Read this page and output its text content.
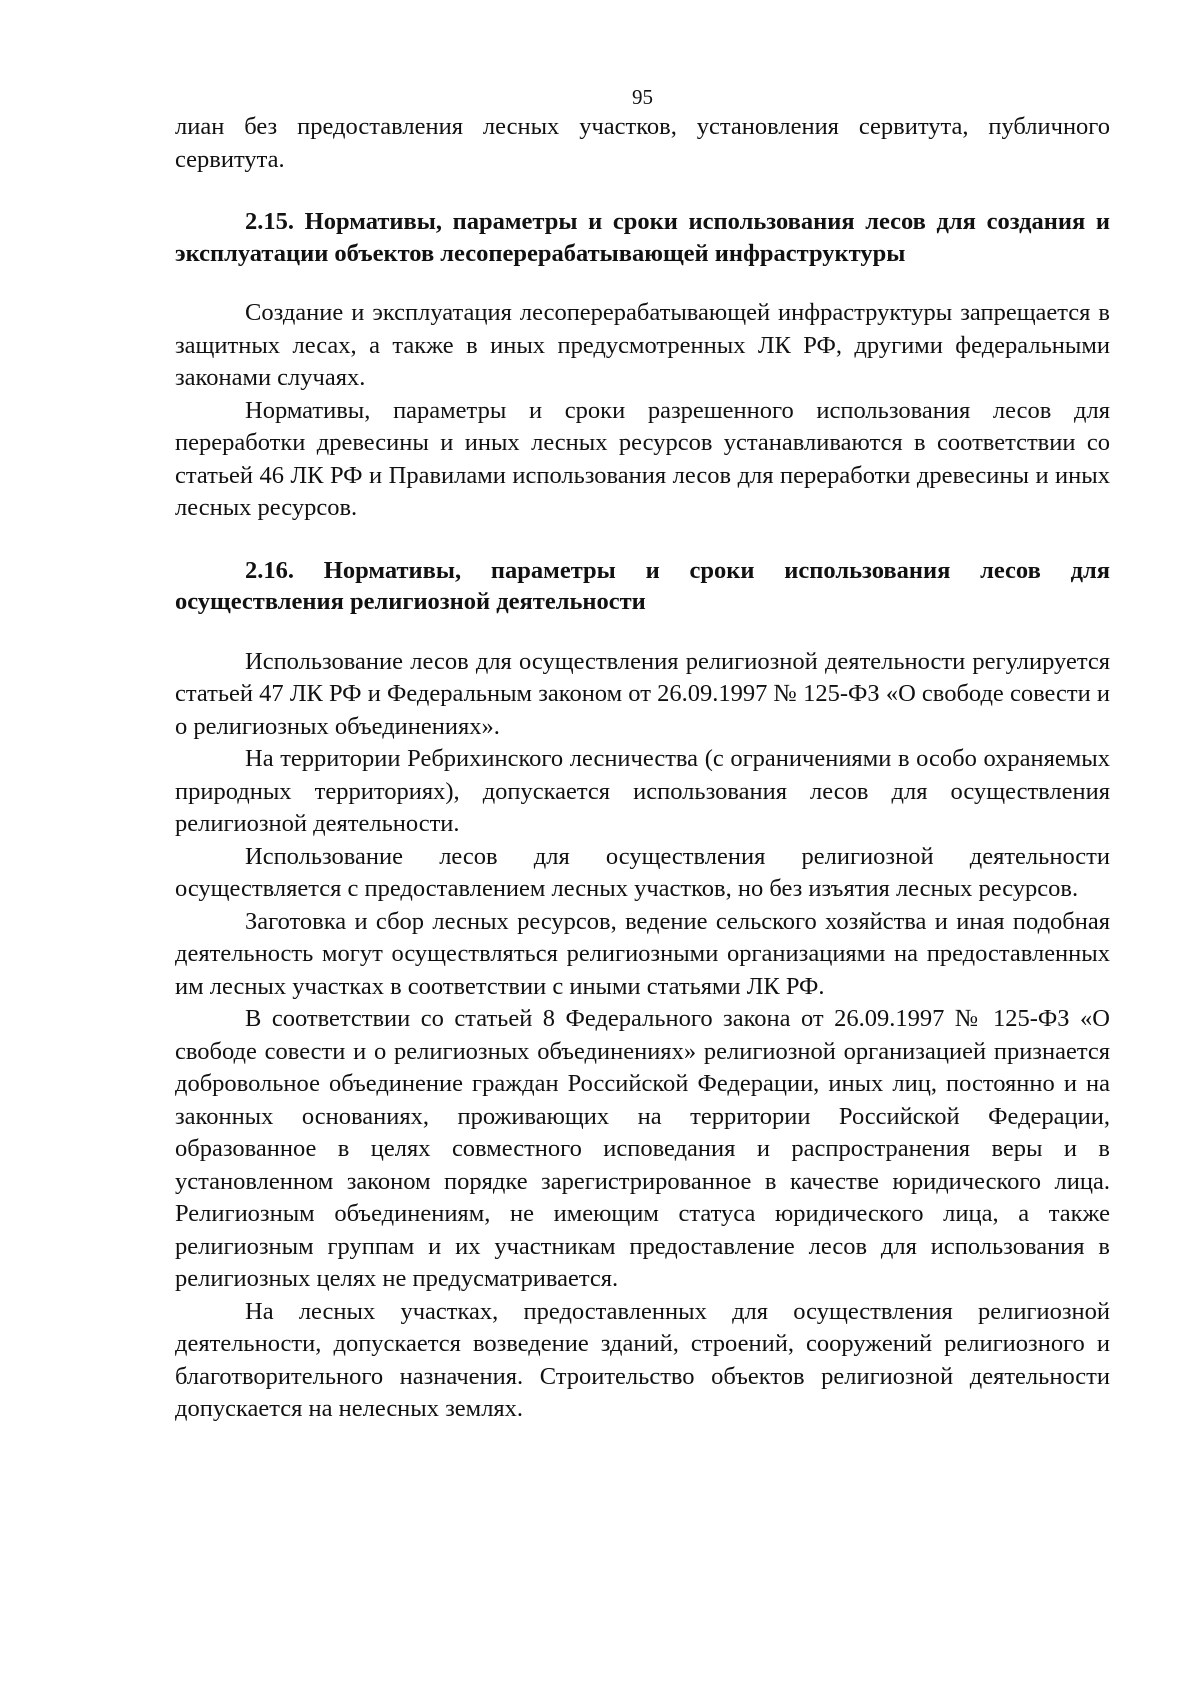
95

лиан без предоставления лесных участков, установления сервитута, публичного сервитута.

2.15. Нормативы, параметры и сроки использования лесов для создания и эксплуатации объектов лесоперерабатывающей инфраструктуры

Создание и эксплуатация лесоперерабатывающей инфраструктуры запрещается в защитных лесах, а также в иных предусмотренных ЛК РФ, другими федеральными законами случаях.

Нормативы, параметры и сроки разрешенного использования лесов для переработки древесины и иных лесных ресурсов устанавливаются в соответствии со статьей 46 ЛК РФ и Правилами использования лесов для переработки древесины и иных лесных ресурсов.

2.16. Нормативы, параметры и сроки использования лесов для осуществления религиозной деятельности

Использование лесов для осуществления религиозной деятельности регулируется статьей 47 ЛК РФ и Федеральным законом от 26.09.1997 № 125-ФЗ «О свободе совести и о религиозных объединениях».

На территории Ребрихинского лесничества (с ограничениями в особо охраняемых природных территориях), допускается использования лесов для осуществления религиозной деятельности.

Использование лесов для осуществления религиозной деятельности осуществляется с предоставлением лесных участков, но без изъятия лесных ресурсов.

Заготовка и сбор лесных ресурсов, ведение сельского хозяйства и иная подобная деятельность могут осуществляться религиозными организациями на предоставленных им лесных участках в соответствии с иными статьями ЛК РФ.

В соответствии со статьей 8 Федерального закона от 26.09.1997 № 125-ФЗ «О свободе совести и о религиозных объединениях» религиозной организацией признается добровольное объединение граждан Российской Федерации, иных лиц, постоянно и на законных основаниях, проживающих на территории Российской Федерации, образованное в целях совместного исповедания и распространения веры и в установленном законом порядке зарегистрированное в качестве юридического лица. Религиозным объединениям, не имеющим статуса юридического лица, а также религиозным группам и их участникам предоставление лесов для использования в религиозных целях не предусматривается.

На лесных участках, предоставленных для осуществления религиозной деятельности, допускается возведение зданий, строений, сооружений религиозного и благотворительного назначения. Строительство объектов религиозной деятельности допускается на нелесных землях.
